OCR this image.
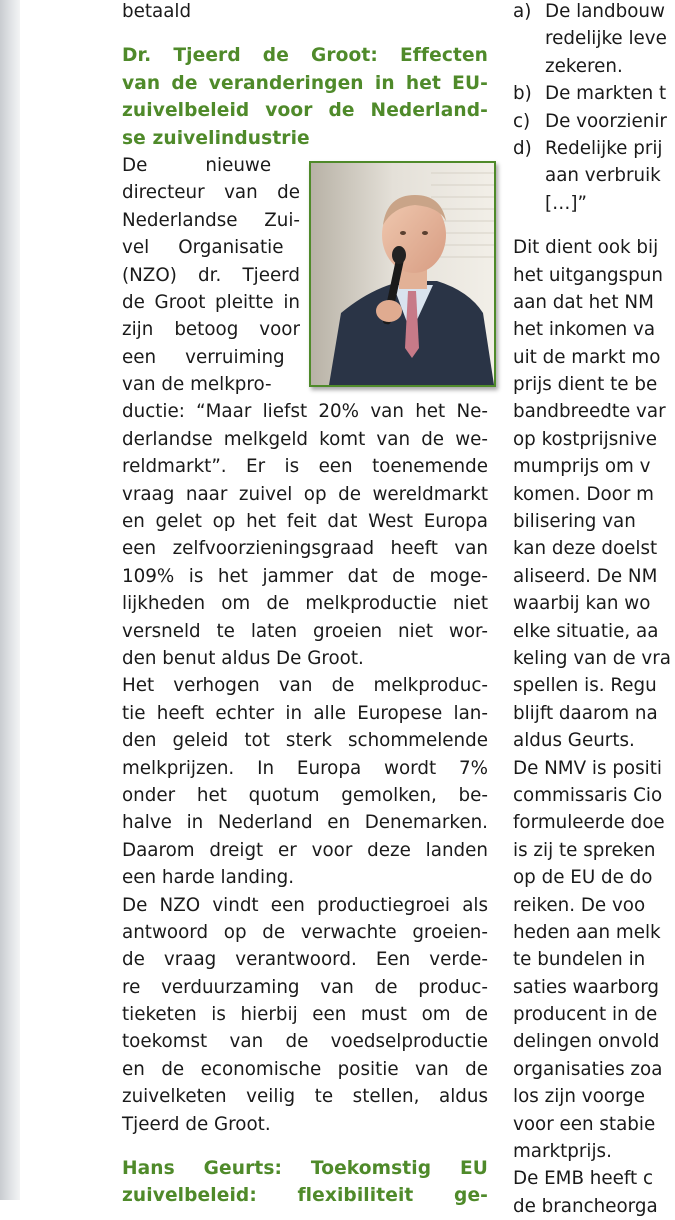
betaald
Dr. Tjeerd de Groot: Effecten
van de veranderingen in het EU-
zuivelbeleid voor de Nederland-
se zuivelindustrie
De          nieuwe
directeur van de
Nederlandse Zui-
vel     Organisatie
(NZO) dr. Tjeerd
de Groot pleitte in
zijn betoog voor
een     verruiming
van de melkpro-
ductie: “Maar liefst 20% van het Ne-
derlandse melkgeld komt van de we-
reldmarkt”. Er is een toenemende
vraag naar zuivel op de wereldmarkt
en gelet op het feit dat West Europa
een zelfvoorzieningsgraad heeft van
109% is het jammer dat de moge-
lijkheden om de melkproductie niet
versneld te laten groeien niet wor-
den benut aldus De Groot.
Het verhogen van de melkproduc-
tie heeft echter in alle Europese lan-
den geleid tot sterk schommelende
melkprijzen. In Europa wordt 7%
onder het quotum gemolken, be-
halve in Nederland en Denemarken.
Daarom dreigt er voor deze landen
een harde landing.
De NZO vindt een productiegroei als
antwoord op de verwachte groeien-
de vraag verantwoord. Een verde-
re verduurzaming van de produc-
tieketen is hierbij een must om de
toekomst van de voedselproductie
en de economische positie van de
zuivelketen veilig te stellen, aldus
Tjeerd de Groot.
Hans Geurts: Toekomstig EU
zuivelbeleid: flexibiliteit ge-
a) De landbouw
redelijke leve
zekeren.
b) De markten t
c) De voorzienir
d) Redelijke prij
aan verbruik
[…]”
Dit dient ook bij
het uitgangspun
aan dat het NM
het inkomen va
uit de markt mo
prijs dient te be
bandbreedte var
op kostprijsnive
mumprijs om v
komen. Door m
bilisering van
kan deze doelst
aliseerd. De NM
waarbij kan wo
elke situatie, aa
keling van de vra
spellen is. Regu
blijft daarom na
aldus Geurts.
De NMV is positi
commissaris Cio
formuleerde doe
is zij te spreken
op de EU de do
reiken. De voo
heden aan melk
te bundelen in
saties waarborg
producent in de
delingen onvold
organisaties zoa
los zijn voorge
voor een stabie
marktprijs.
De EMB heeft c
de brancheorga
